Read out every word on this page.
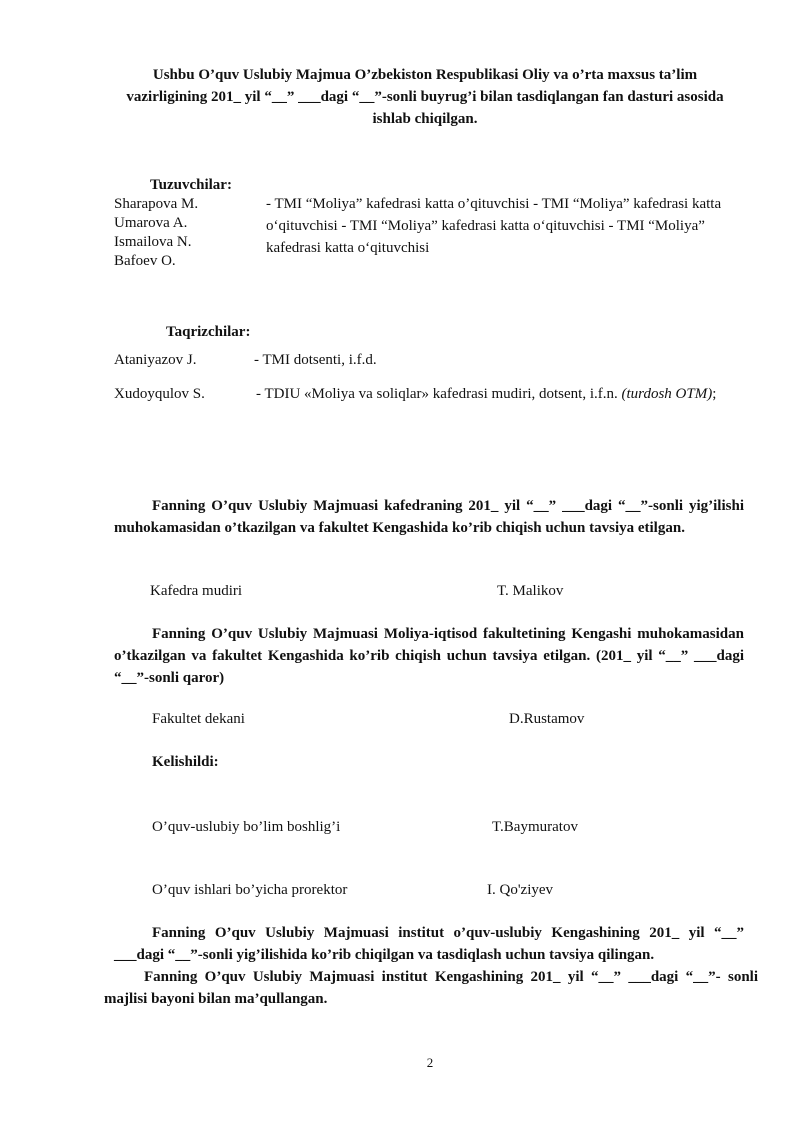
Ushbu O’quv Uslubiy Majmua O’zbekiston Respublikasi Oliy va o’rta maxsus ta’lim vazirligining 201_ yil “__” ___dagi “__”-sonli buyrug’i bilan tasdiqlangan fan dasturi asosida ishlab chiqilgan.
Tuzuvchilar:
Sharapova M.
Umarova A.
Ismailova N.
Bafoev O.
- TMI “Moliya” kafedrasi katta o’qituvchisi - TMI “Moliya” kafedrasi katta o‘qituvchisi - TMI “Moliya” kafedrasi katta o‘qituvchisi - TMI “Moliya” kafedrasi katta o‘qituvchisi
Taqrizchilar:
Ataniyazov J.	- TMI dotsenti, i.f.d.
Xudoyqulov S.	- TDIU «Moliya va soliqlar» kafedrasi mudiri, dotsent, i.f.n. (turdosh OTM);
Fanning O’quv Uslubiy Majmuasi kafedraning 201_ yil “__” ___dagi “__”-sonli yig’ilishi muhokamasidan o’tkazilgan va fakultet Kengashida ko’rib chiqish uchun tavsiya etilgan.
Kafedra mudiri	T. Malikov
Fanning O’quv Uslubiy Majmuasi Moliya-iqtisod fakultetining Kengashi muhokamasidan o’tkazilgan va fakultet Kengashida ko’rib chiqish uchun tavsiya etilgan. (201_ yil “__” ___dagi “__”-sonli qaror)
Fakultet dekani	D.Rustamov
Kelishildi:
O’quv-uslubiy bo’lim boshlig’i	T.Baymuratov
O’quv ishlari bo’yicha prorektor	I. Qo'ziyev
Fanning O’quv Uslubiy Majmuasi institut o’quv-uslubiy Kengashining 201_ yil “__” ___dagi “__”-sonli yig’ilishida ko’rib chiqilgan va tasdiqlash uchun tavsiya qilingan.
Fanning O’quv Uslubiy Majmuasi institut Kengashining 201_ yil “__” ___dagi “__”- sonli majlisi bayoni bilan ma’qullangan.
2
